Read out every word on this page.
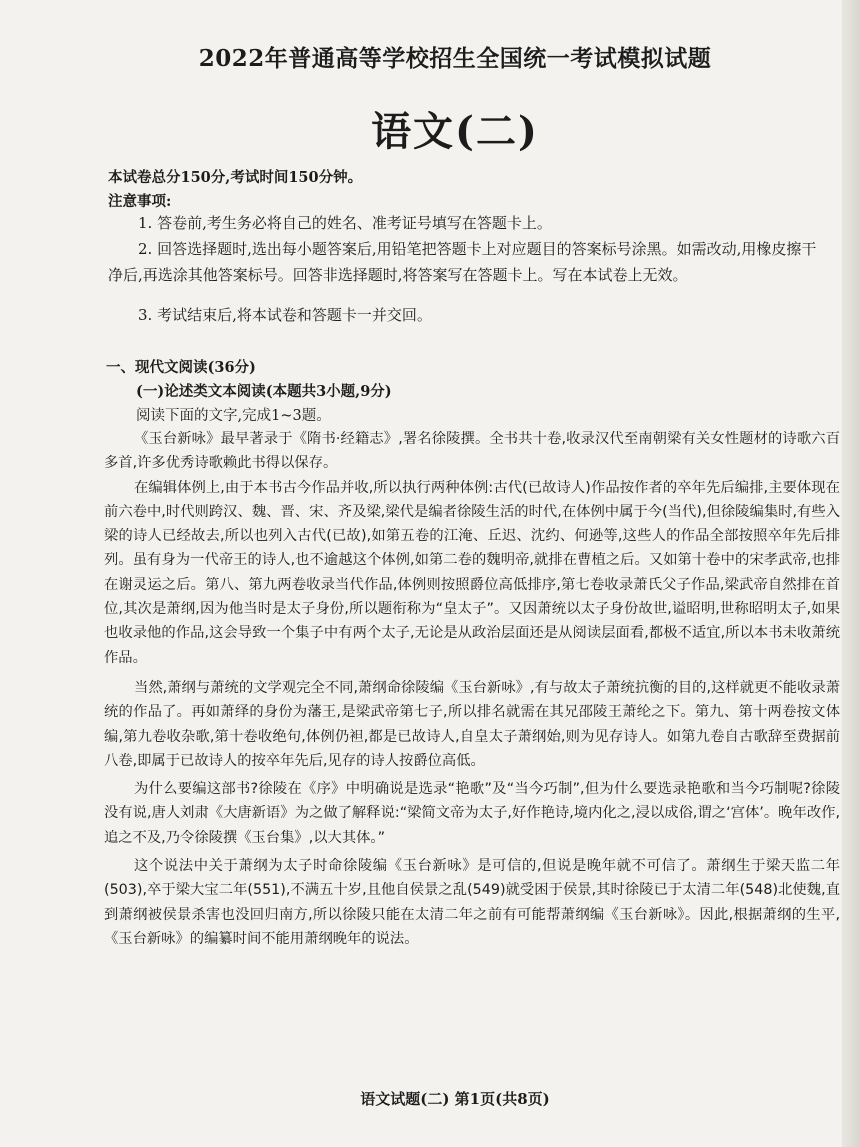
2022年普通高等学校招生全国统一考试模拟试题
语文(二)
本试卷总分150分,考试时间150分钟。
注意事项:
1. 答卷前,考生务必将自己的姓名、准考证号填写在答题卡上。
2. 回答选择题时,选出每小题答案后,用铅笔把答题卡上对应题目的答案标号涂黑。如需改动,用橡皮擦干净后,再选涂其他答案标号。回答非选择题时,将答案写在答题卡上。写在本试卷上无效。
3. 考试结束后,将本试卷和答题卡一并交回。
一、现代文阅读(36分)
(一)论述类文本阅读(本题共3小题,9分)
阅读下面的文字,完成1~3题。

《玉台新咏》最早著录于《隋书·经籍志》,署名徐陵撰。全书共十卷,收录汉代至南朝梁有关女性题材的诗歌六百多首,许多优秀诗歌赖此书得以保存。

在编辑体例上,由于本书古今作品并收,所以执行两种体例:古代(已故诗人)作品按作者的卒年先后编排,主要体现在前六卷中,时代则跨汉、魏、晋、宋、齐及梁,梁代是编者徐陵生活的时代,在体例中属于今(当代),但徐陵编集时,有些入梁的诗人已经故去,所以也列入古代(已故),如第五卷的江淹、丘迟、沈约、何逊等,这些人的作品全部按照卒年先后排列。虽有身为一代帝王的诗人,也不逾越这个体例,如第二卷的魏明帝,就排在曹植之后。又如第十卷中的宋孝武帝,也排在谢灵运之后。第八、第九两卷收录当代作品,体例则按照爵位高低排序,第七卷收录萧氏父子作品,梁武帝自然排在首位,其次是萧纲,因为他当时是太子身份,所以题衔称为“皇太子”。又因萧统以太子身份故世,谥昭明,世称昭明太子,如果也收录他的作品,这会导致一个集子中有两个太子,无论是从政治层面还是从阅读层面看,都极不适宜,所以本书未收萧统作品。

当然,萧纲与萧统的文学观完全不同,萧纲命徐陵编《玉台新咏》,有与故太子萧统抗衡的目的,这样就更不能收录萧统的作品了。再如萧绎的身份为藩王,是梁武帝第七子,所以排名就需在其兄邵陵王萧纶之下。第九、第十两卷按文体编,第九卷收杂歌,第十卷收绝句,体例仍袒,都是已故诗人,自皇太子萧纲始,则为见存诗人。如第九卷自古歌辞至费据前八卷,即属于已故诗人的按卒年先后,见存的诗人按爵位高低。

为什么要编这部书?徐陵在《序》中明确说是选录“艳歌”及“当今巧制”,但为什么要选录艳歌和当今巧制呢?徐陵没有说,唐人刘肃《大唐新语》为之做了解释说:“梁简文帝为太子,好作艳诗,境内化之,浸以成俗,谓之‘宫体’。晚年改作,追之不及,乃令徐陵撰《玉台集》,以大其体。”

这个说法中关于萧纲为太子时命徐陵编《玉台新咏》是可信的,但说是晚年就不可信了。萧纲生于梁天监二年(503),卒于梁大宝二年(551),不满五十岁,且他自侯景之乱(549)就受困于侯景,其时徐陵已于太清二年(548)北使魏,直到萧纲被侯景杀害也没回归南方,所以徐陵只能在太清二年之前有可能帮萧纲编《玉台新咏》。因此,根据萧纲的生平,《玉台新咏》的编纂时间不能用萧纲晚年的说法。

语文试题(二) 第1页(共8页)
